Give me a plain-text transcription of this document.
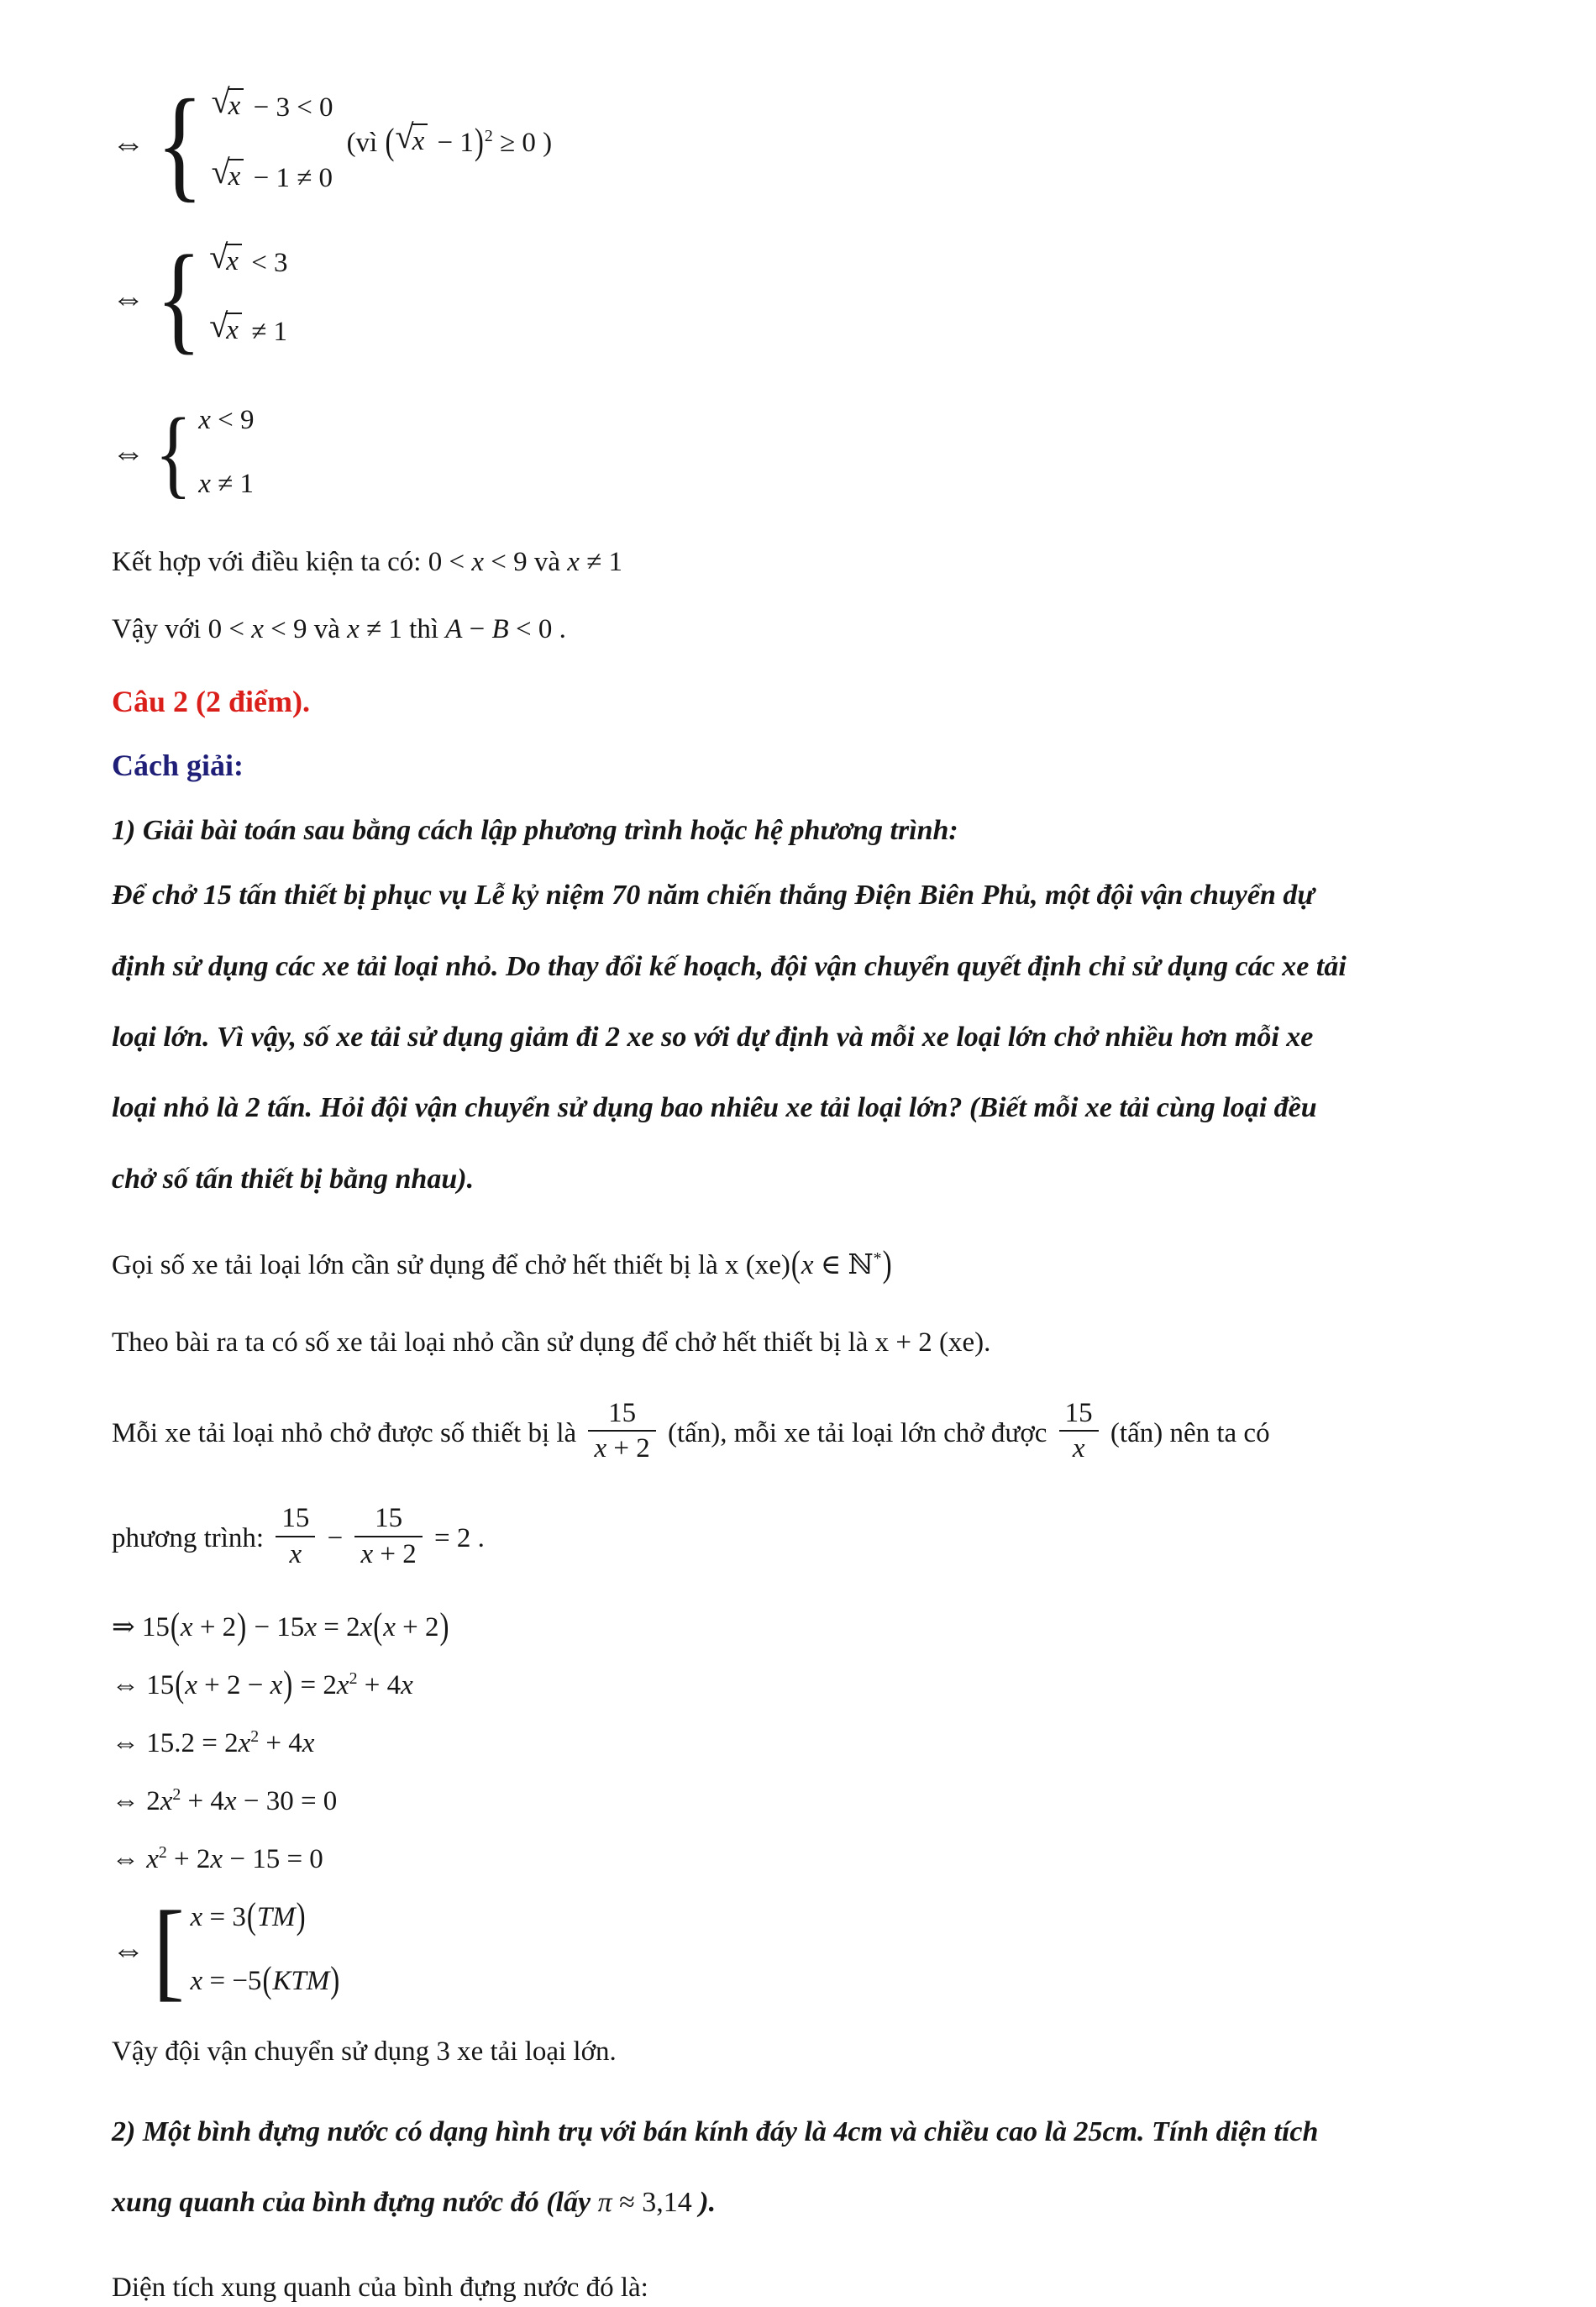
⇔ { √
x − 3 < 0
√
x − 1 ≠ 0
(vì ( √
x − 1)$^2$ ≥ 0 )
⇔ { √
x < 3
√
x ≠ 1
⇔ { x < 9
x ≠ 1
Kết hợp với điều kiện ta có: 0 < x < 9 và x ≠ 1
Vậy với 0 < x < 9 và x ≠ 1 thì A − B < 0 .
Câu 2 (2 điểm).
Cách giải:
1) Giải bài toán sau bằng cách lập phương trình hoặc hệ phương trình:
Để chở 15 tấn thiết bị phục vụ Lễ kỷ niệm 70 năm chiến thắng Điện Biên Phủ, một đội vận chuyển dự
định sử dụng các xe tải loại nhỏ. Do thay đổi kế hoạch, đội vận chuyển quyết định chỉ sử dụng các xe tải
loại lớn. Vì vậy, số xe tải sử dụng giảm đi 2 xe so với dự định và mỗi xe loại lớn chở nhiều hơn mỗi xe
loại nhỏ là 2 tấn. Hỏi đội vận chuyển sử dụng bao nhiêu xe tải loại lớn? (Biết mỗi xe tải cùng loại đều
chở số tấn thiết bị bằng nhau).
Gọi số xe tải loại lớn cần sử dụng để chở hết thiết bị là x (xe)(x ∈ ℕ*)
Theo bài ra ta có số xe tải loại nhỏ cần sử dụng để chở hết thiết bị là x + 2 (xe).
Mỗi xe tải loại nhỏ chở được số thiết bị là $\frac{15}{x + 2}$ (tấn), mỗi xe tải loại lớn chở được $\frac{15}{x}$ (tấn) nên ta có
phương trình: $\frac{15}{x} - \frac{15}{x + 2} = 2$ .
⇒ 15(x + 2) − 15x = 2x(x + 2)
⇔ $15(x + 2 - x) = 2x^2 + 4x$
⇔ $15.2 = 2x^2 + 4x$
⇔ $2x^2 + 4x - 30 = 0$
⇔ $x^2 + 2x - 15 = 0$
⇔ [ x = 3(TM)
x = −5(KTM)
Vậy đội vận chuyển sử dụng 3 xe tải loại lớn.
2) Một bình đựng nước có dạng hình trụ với bán kính đáy là 4cm và chiều cao là 25cm. Tính diện tích
xung quanh của bình đựng nước đó (lấy π ≈ 3,14 ).
Diện tích xung quanh của bình đựng nước đó là:
